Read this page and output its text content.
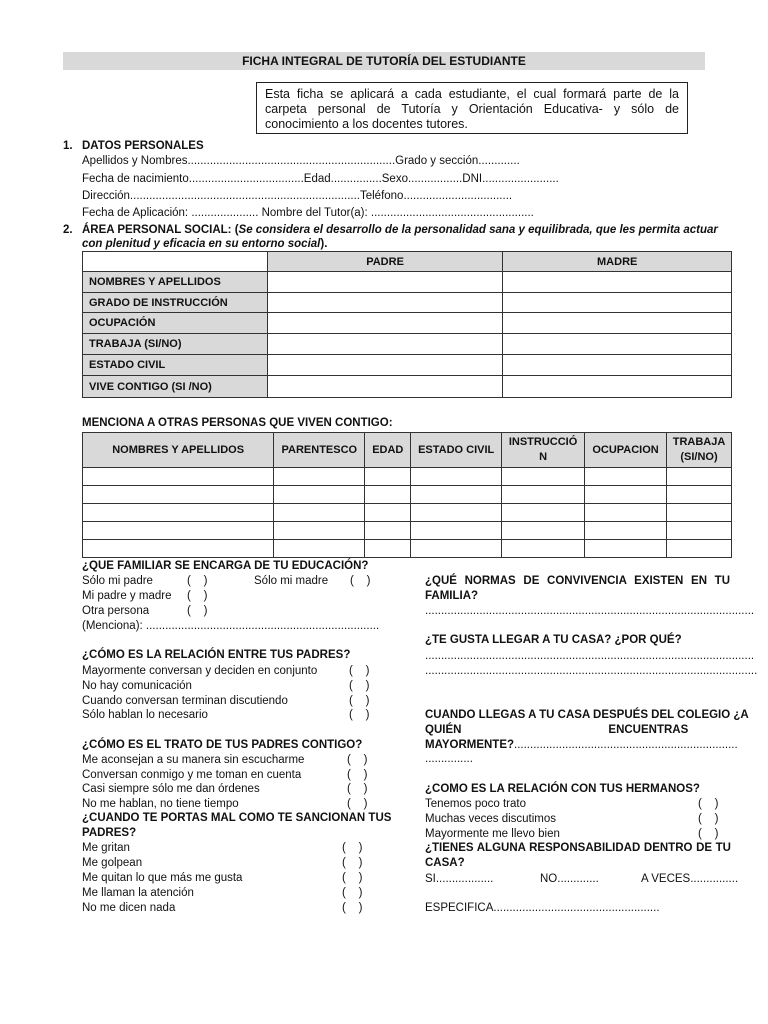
FICHA INTEGRAL DE TUTORÍA DEL ESTUDIANTE
Esta ficha se aplicará a cada estudiante, el cual formará parte de la carpeta personal de Tutoría y Orientación Educativa- y sólo de conocimiento a los docentes tutores.
1. DATOS PERSONALES
Apellidos y Nombres.................................................................Grado y sección.............
Fecha de nacimiento....................................Edad................Sexo.................DNI........................
Dirección........................................................................Teléfono..................................
Fecha de Aplicación: ..................... Nombre del Tutor(a): ...................................................
2. ÁREA PERSONAL SOCIAL: (Se considera el desarrollo de la personalidad sana y equilibrada, que les permita actuar
con plenitud y eficacia en su entorno social).
	PADRE	MADRE
NOMBRES Y APELLIDOS		
GRADO DE INSTRUCCIÓN		
OCUPACIÓN		
TRABAJA (SI/NO)		
ESTADO CIVIL		
VIVE CONTIGO (SI /NO)		
MENCIONA A OTRAS PERSONAS QUE VIVEN CONTIGO:
NOMBRES Y APELLIDOS	PARENTESCO	EDAD	ESTADO CIVIL	INSTRUCCIÓ N	OCUPACION	TRABAJA (SI/NO)

¿QUE FAMILIAR SE ENCARGA DE TU EDUCACIÓN?
Sólo mi padre	(    )	Sólo mi madre (    )
Mi padre y madre (    )
Otra persona	(    )
(Menciona): .........................................................................
¿CÓMO ES LA RELACIÓN ENTRE TUS PADRES?
Mayormente conversan y deciden en conjunto	(    )
No hay comunicación	(    )
Cuando conversan terminan discutiendo	(    )
Sólo hablan lo necesario	(    )
¿CÓMO ES EL TRATO DE TUS PADRES CONTIGO?
Me aconsejan a su manera sin escucharme	(    )
Conversan conmigo y me toman en cuenta	(    )
Casi siempre sólo me dan órdenes	(    )
No me hablan, no tiene tiempo	(    )
¿CUANDO TE PORTAS MAL COMO TE SANCIONAN TUS
PADRES?
Me gritan	(    )
Me golpean	(    )
Me quitan lo que más me gusta	(    )
Me llaman la atención	(    )
No me dicen nada	(    )
¿QUÉ NORMAS DE CONVIVENCIA EXISTEN EN TU
FAMILIA?
.......................................................................................................
¿TE GUSTA LLEGAR A TU CASA? ¿POR QUÉ?
.......................................................................................................
........................................................................................................
CUANDO LLEGAS A TU CASA DESPUÉS DEL COLEGIO ¿A
QUIÉN                                              ENCUENTRAS
MAYORMENTE?......................................................................
...............
¿COMO ES LA RELACIÓN CON TUS HERMANOS?
Tenemos poco trato	(    )
Muchas veces discutimos	(    )
Mayormente me llevo bien	(    )
¿TIENES ALGUNA RESPONSABILIDAD DENTRO DE TU
CASA?
SI..................	NO.............	A VECES...............
ESPECIFICA....................................................
